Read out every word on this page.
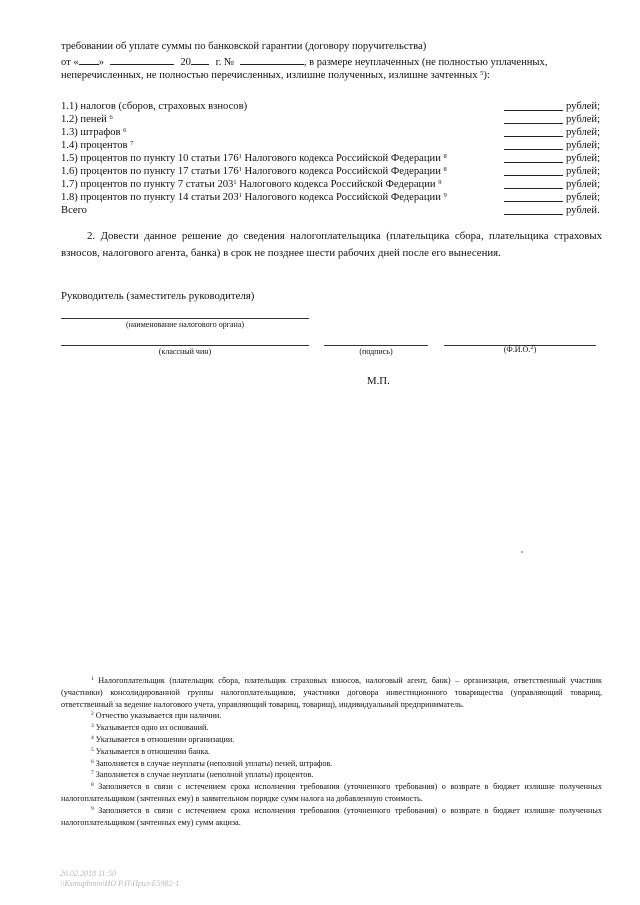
требовании об уплате суммы по банковской гарантии (договору поручительства)
от « »	20 г. №	, в размере неуплаченных (не полностью уплаченных,
неперечисленных, не полностью перечисленных, излишне полученных, излишне зачтенных $^5$):
1.1) налогов (сборов, страховых взносов)	рублей;
1.2) пеней $^6$	рублей;
1.3) штрафов $^6$	рублей;
1.4) процентов $^7$	рублей;
1.5) процентов по пункту 10 статьи $176^1$ Налогового кодекса Российской Федерации $^8$	рублей;
1.6) процентов по пункту 17 статьи $176^1$ Налогового кодекса Российской Федерации $^8$	рублей;
1.7) процентов по пункту 7 статьи $203^1$ Налогового кодекса Российской Федерации $^9$	рублей;
1.8) процентов по пункту 14 статьи $203^1$ Налогового кодекса Российской Федерации $^9$	рублей;
Всего	рублей.
2. Довести данное решение до сведения налогоплательщика (плательщика сбора, плательщика страховых взносов, налогового агента, банка) в срок не позднее шести рабочих дней после его вынесения.
Руководитель (заместитель руководителя)
(наименование налогового органа)
(классный чин)	(подпись)	(Ф.И.О.$^2$)
М.П.

$^1$ Налогоплательщик (плательщик сбора, плательщик страховых взносов, налоговый агент, банк) – организация, ответственный участник (участники) консолидированной группы налогоплательщиков, участники договора инвестиционного товарищества (управляющий товарищ, ответственный за ведение налогового учета, управляющий товарищ, товарищ), индивидуальный предприниматель.

$^2$ Отчество указывается при наличии.

$^3$ Указывается одно из оснований.

$^4$ Указывается в отношении организации.

$^5$ Указывается в отношении банка.

$^6$ Заполняется в случае неуплаты (неполной уплаты) пеней, штрафов.

$^7$ Заполняется в случае неуплаты (неполной уплаты) процентов.

$^8$ Заполняется в связи с истечением срока исполнения требования (уточненного требования) о возврате в бюджет излишне полученных налогоплательщиком (зачтенных ему) в заявительном порядке сумм налога на добавленную стоимость.

$^9$ Заполняется в связи с истечением срока исполнения требования (уточненного требования) о возврате в бюджет излишне полученных налогоплательщиком (зачтенных ему) сумм акциза.

26.02.2018 11:50
\\Ksmupbmm\ИО Р.П\Приз-Е5982-1
